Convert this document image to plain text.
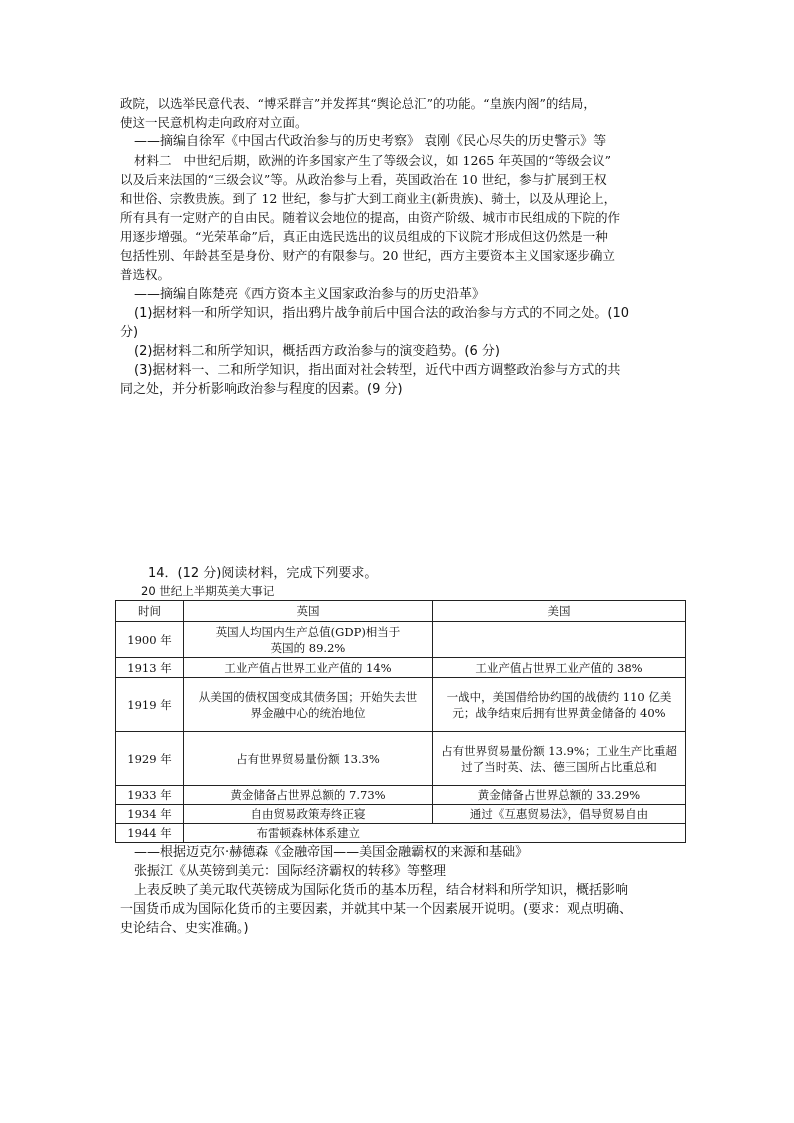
政院，以选举民意代表、“博采群言”并发挥其“舆论总汇”的功能。“皇族内阁”的结局，
使这一民意机构走向政府对立面。
——摘编自徐军《中国古代政治参与的历史考察》 袁刚《民心尽失的历史警示》等
材料二 中世纪后期，欧洲的许多国家产生了等级会议，如 1265 年英国的“等级会议”
以及后来法国的“三级会议”等。从政治参与上看，英国政治在 10 世纪，参与扩展到王权
和世俗、宗教贵族。到了 12 世纪，参与扩大到工商业主(新贵族)、骑士，以及从理论上，
所有具有一定财产的自由民。随着议会地位的提高，由资产阶级、城市市民组成的下院的作
用逐步增强。“光荣革命”后，真正由选民选出的议员组成的下议院才形成但这仍然是一种
包括性别、年龄甚至是身份、财产的有限参与。20 世纪，西方主要资本主义国家逐步确立
普选权。
——摘编自陈楚亮《西方资本主义国家政治参与的历史沿革》
(1)据材料一和所学知识，指出鸦片战争前后中国合法的政治参与方式的不同之处。(10
分)
(2)据材料二和所学知识，概括西方政治参与的演变趋势。(6 分)
(3)据材料一、二和所学知识，指出面对社会转型，近代中西方调整政治参与方式的共
同之处，并分析影响政治参与程度的因素。(9 分)
14．(12 分)阅读材料，完成下列要求。
20 世纪上半期英美大事记
时间	英国	美国
1900 年	英国人均国内生产总值(GDP)相当于英国的 89.2%	
1913 年	工业产值占世界工业产值的 14%	工业产值占世界工业产值的 38%
1919 年	从美国的债权国变成其债务国；开始失去世界金融中心的统治地位	一战中，美国借给协约国的战债约 110 亿美元；战争结束后拥有世界黄金储备的 40%
1929 年	占有世界贸易量份额 13.3%	占有世界贸易量份额 13.9%；工业生产比重超过了当时英、法、德三国所占比重总和
1933 年	黄金储备占世界总额的 7.73%	黄金储备占世界总额的 33.29%
1934 年	自由贸易政策寿终正寝	通过《互惠贸易法》，倡导贸易自由
1944 年	布雷顿森林体系建立	
——根据迈克尔·赫德森《金融帝国——美国金融霸权的来源和基础》
张振江《从英镑到美元：国际经济霸权的转移》等整理
上表反映了美元取代英镑成为国际化货币的基本历程，结合材料和所学知识，概括影响
一国货币成为国际化货币的主要因素，并就其中某一个因素展开说明。(要求：观点明确、
史论结合、史实准确。)
